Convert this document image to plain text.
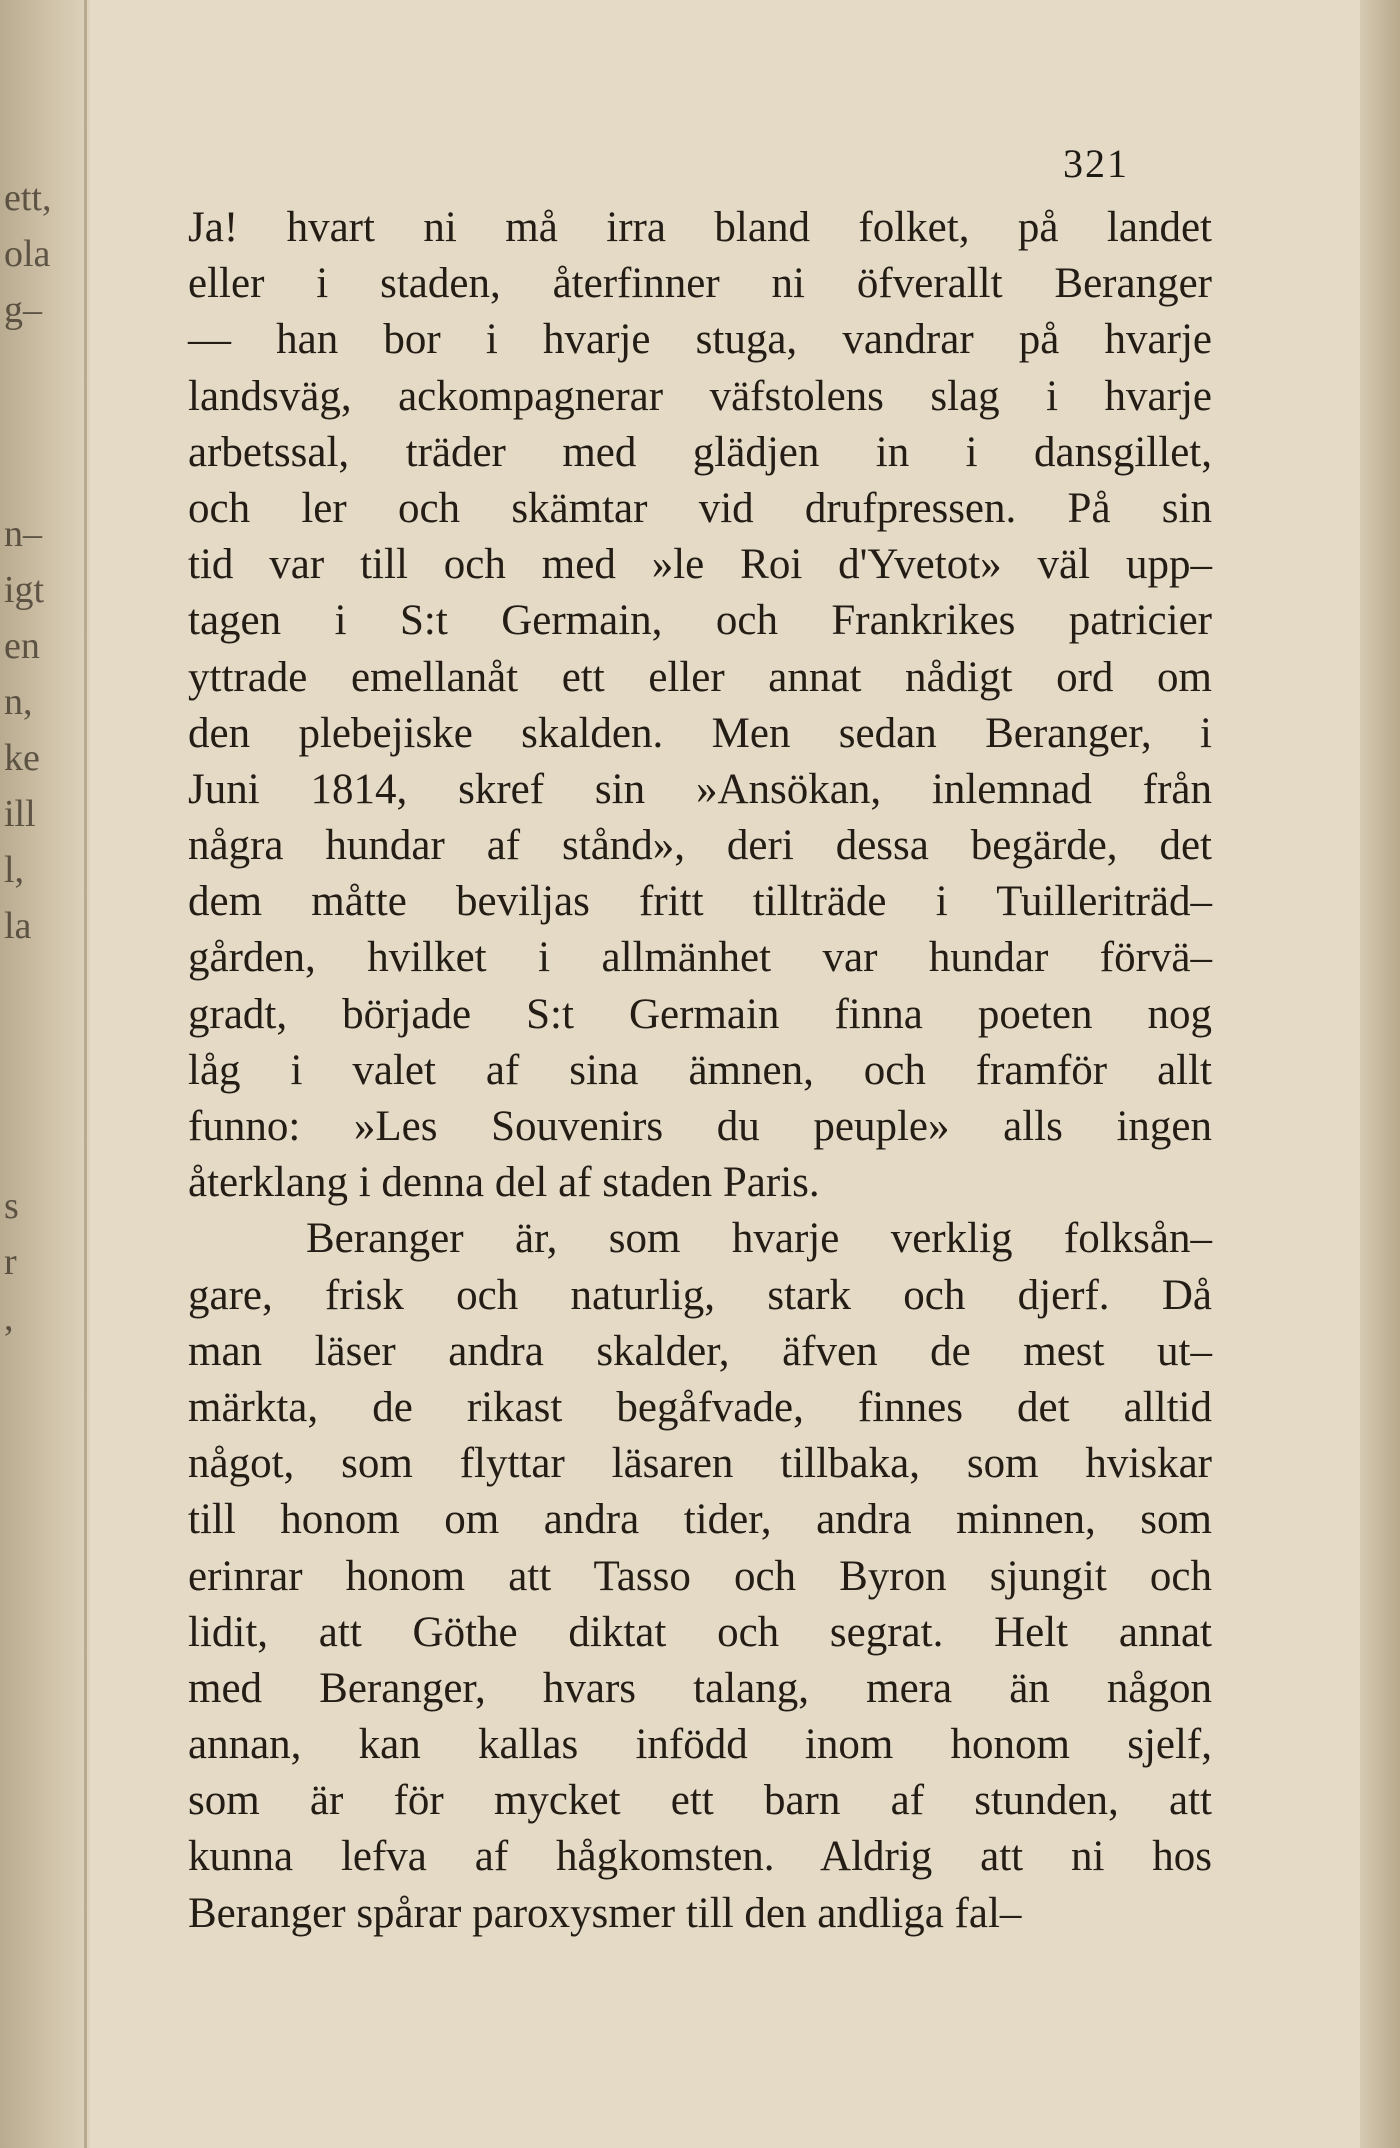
ett,
ola
g–
n–
igt
en
n,
ke
ill
l,
la
s
r
,

321

Ja! hvart ni må irra bland folket, på landet
eller i staden, återfinner ni öfverallt Beranger
— han bor i hvarje stuga, vandrar på hvarje
landsväg, ackompagnerar väfstolens slag i hvarje
arbetssal, träder med glädjen in i dansgillet,
och ler och skämtar vid drufpressen. På sin
tid var till och med »le Roi d'Yvetot» väl upp–
tagen i S:t Germain, och Frankrikes patricier
yttrade emellanåt ett eller annat nådigt ord om
den plebejiske skalden. Men sedan Beranger, i
Juni 1814, skref sin »Ansökan, inlemnad från
några hundar af stånd», deri dessa begärde, det
dem måtte beviljas fritt tillträde i Tuilleriträd–
gården, hvilket i allmänhet var hundar förvä–
gradt, började S:t Germain finna poeten nog
låg i valet af sina ämnen, och framför allt
funno: »Les Souvenirs du peuple» alls ingen
återklang i denna del af staden Paris.
Beranger är, som hvarje verklig folksån–
gare, frisk och naturlig, stark och djerf. Då
man läser andra skalder, äfven de mest ut–
märkta, de rikast begåfvade, finnes det alltid
något, som flyttar läsaren tillbaka, som hviskar
till honom om andra tider, andra minnen, som
erinrar honom att Tasso och Byron sjungit och
lidit, att Göthe diktat och segrat. Helt annat
med Beranger, hvars talang, mera än någon
annan, kan kallas infödd inom honom sjelf,
som är för mycket ett barn af stunden, att
kunna lefva af hågkomsten. Aldrig att ni hos
Beranger spårar paroxysmer till den andliga fal–
